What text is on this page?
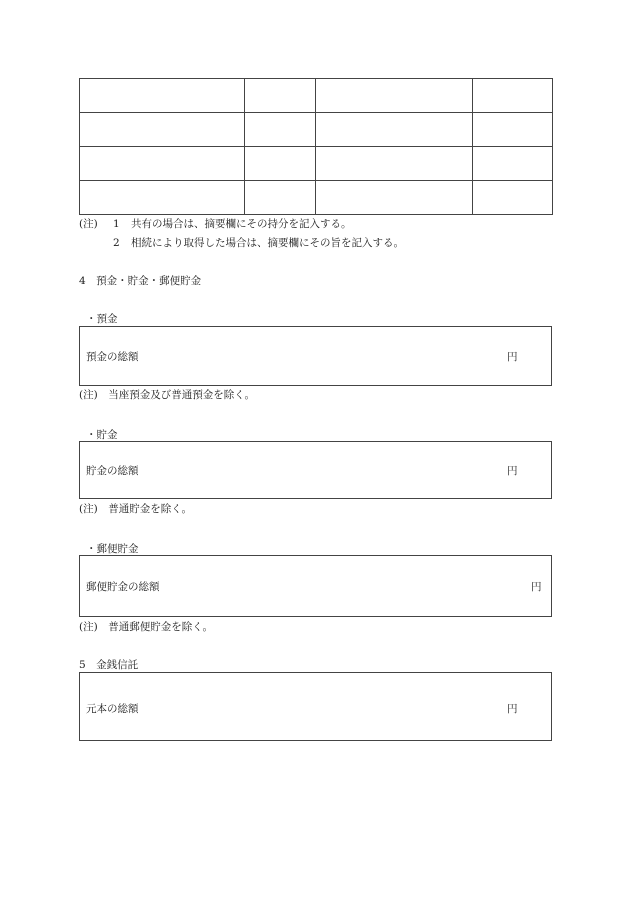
(注) 1 共有の場合は、摘要欄にその持分を記入する。
2 相続により取得した場合は、摘要欄にその旨を記入する。
4　預金・貯金・郵便貯金
・預金
預金の総額	円
(注)　当座預金及び普通預金を除く。
・貯金
貯金の総額	円
(注)　普通貯金を除く。
・郵便貯金
郵便貯金の総額	円
(注)　普通郵便貯金を除く。
5　金銭信託
元本の総額	円
